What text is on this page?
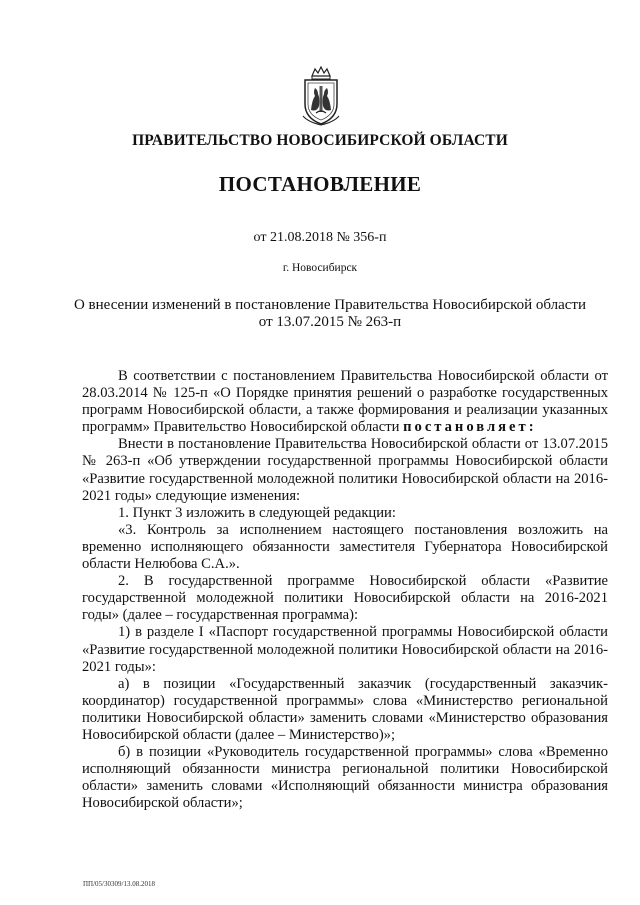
ПРАВИТЕЛЬСТВО НОВОСИБИРСКОЙ ОБЛАСТИ
ПОСТАНОВЛЕНИЕ
от 21.08.2018 № 356-п
г. Новосибирск
О внесении изменений в постановление Правительства Новосибирской области
от 13.07.2015 № 263-п

В соответствии с постановлением Правительства Новосибирской области от 28.03.2014 № 125-п «О Порядке принятия решений о разработке государственных программ Новосибирской области, а также формирования и реализации указанных программ» Правительство Новосибирской области постановляет:

Внести в постановление Правительства Новосибирской области от 13.07.2015 № 263-п «Об утверждении государственной программы Новосибирской области «Развитие государственной молодежной политики Новосибирской области на 2016-2021 годы» следующие изменения:

1. Пункт 3 изложить в следующей редакции:

«3. Контроль за исполнением настоящего постановления возложить на временно исполняющего обязанности заместителя Губернатора Новосибирской области Нелюбова С.А.».

2. В государственной программе Новосибирской области «Развитие государственной молодежной политики Новосибирской области на 2016-2021 годы» (далее – государственная программа):

1) в разделе I «Паспорт государственной программы Новосибирской области «Развитие государственной молодежной политики Новосибирской области на 2016-2021 годы»:

а) в позиции «Государственный заказчик (государственный заказчик-координатор) государственной программы» слова «Министерство региональной политики Новосибирской области» заменить словами «Министерство образования Новосибирской области (далее – Министерство)»;

б) в позиции «Руководитель государственной программы» слова «Временно исполняющий обязанности министра региональной политики Новосибирской области» заменить словами «Исполняющий обязанности министра образования Новосибирской области»;

ПП/05/30309/13.08.2018
